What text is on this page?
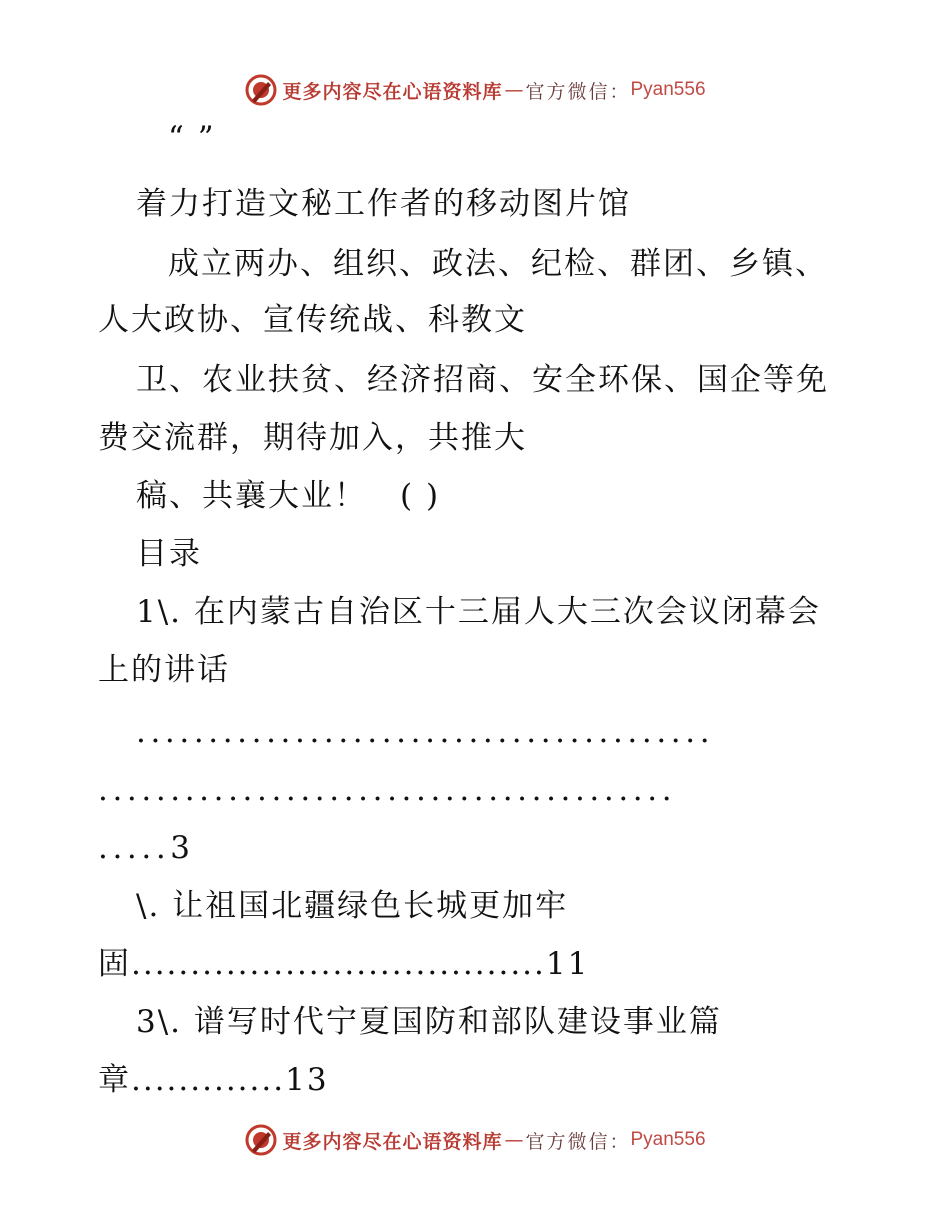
更多内容尽在心语资料库 — 官方微信： Pyan556
“ ”
着力打造文秘工作者的移动图片馆
成立两办、组织、政法、纪检、群团、乡镇、
人大政协、宣传统战、科教文
卫、农业扶贫、经济招商、安全环保、国企等免
费交流群，期待加入，共推大
稿、共襄大业！　( )
目录
1\. 在内蒙古自治区十三届人大三次会议闭幕会
上的讲话
........................................
........................................
.....3
\. 让祖国北疆绿色长城更加牢
固...................................11
3\. 谱写时代宁夏国防和部队建设事业篇
章.............13
更多内容尽在心语资料库 — 官方微信： Pyan556
